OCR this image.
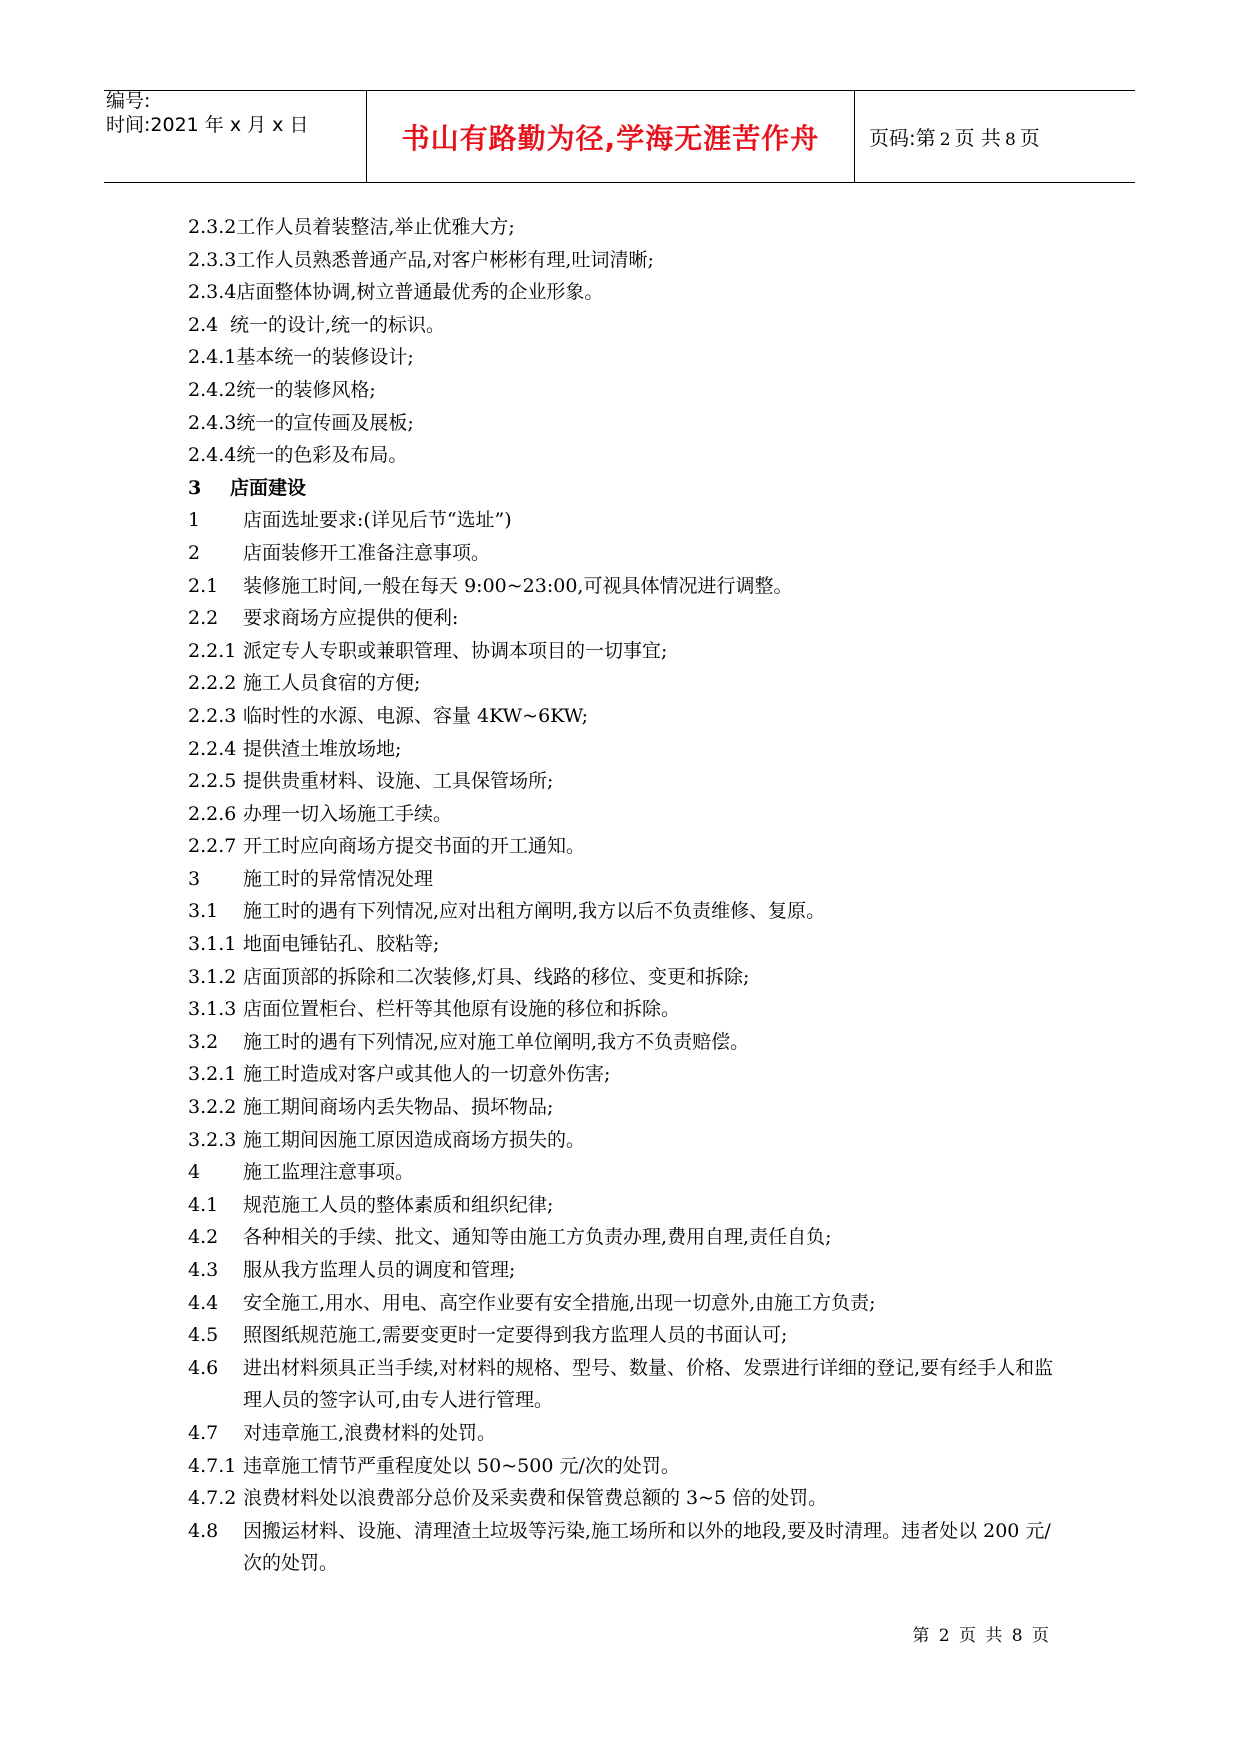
编号:
时间:2021 年 x 月 x 日	书山有路勤为径,学海无涯苦作舟 页码:第 2 页 共 8 页
2.3.2 工作人员着装整洁,举止优雅大方;
2.3.3 工作人员熟悉普通产品,对客户彬彬有理,吐词清晰;
2.3.4 店面整体协调,树立普通最优秀的企业形象。
2.4 统一的设计,统一的标识。
2.4.1 基本统一的装修设计;
2.4.2 统一的装修风格;
2.4.3 统一的宣传画及展板;
2.4.4 统一的色彩及布局。
3	店面建设
1	店面选址要求:(详见后节“选址”)
2	店面装修开工准备注意事项。
2.1	装修施工时间,一般在每天 9:00~23:00,可视具体情况进行调整。
2.2	要求商场方应提供的便利:
2.2.1 派定专人专职或兼职管理、协调本项目的一切事宜;
2.2.2 施工人员食宿的方便;
2.2.3 临时性的水源、电源、容量 4KW~6KW;
2.2.4 提供渣土堆放场地;
2.2.5 提供贵重材料、设施、工具保管场所;
2.2.6 办理一切入场施工手续。
2.2.7 开工时应向商场方提交书面的开工通知。
3	施工时的异常情况处理
3.1	施工时的遇有下列情况,应对出租方阐明,我方以后不负责维修、复原。
3.1.1 地面电锤钻孔、胶粘等;
3.1.2 店面顶部的拆除和二次装修,灯具、线路的移位、变更和拆除;
3.1.3 店面位置柜台、栏杆等其他原有设施的移位和拆除。
3.2	施工时的遇有下列情况,应对施工单位阐明,我方不负责赔偿。
3.2.1 施工时造成对客户或其他人的一切意外伤害;
3.2.2 施工期间商场内丢失物品、损坏物品;
3.2.3 施工期间因施工原因造成商场方损失的。
4	施工监理注意事项。
4.1	规范施工人员的整体素质和组织纪律;
4.2	各种相关的手续、批文、通知等由施工方负责办理,费用自理,责任自负;
4.3	服从我方监理人员的调度和管理;
4.4	安全施工,用水、用电、高空作业要有安全措施,出现一切意外,由施工方负责;
4.5	照图纸规范施工,需要变更时一定要得到我方监理人员的书面认可;
4.6	进出材料须具正当手续,对材料的规格、型号、数量、价格、发票进行详细的登记,要有经手人和监理人员的签字认可,由专人进行管理。
4.7	对违章施工,浪费材料的处罚。
4.7.1 违章施工情节严重程度处以 50~500 元/次的处罚。
4.7.2 浪费材料处以浪费部分总价及采卖费和保管费总额的 3~5 倍的处罚。
4.8	因搬运材料、设施、清理渣土垃圾等污染,施工场所和以外的地段,要及时清理。违者处以 200 元/次的处罚。
第 2 页 共 8 页
